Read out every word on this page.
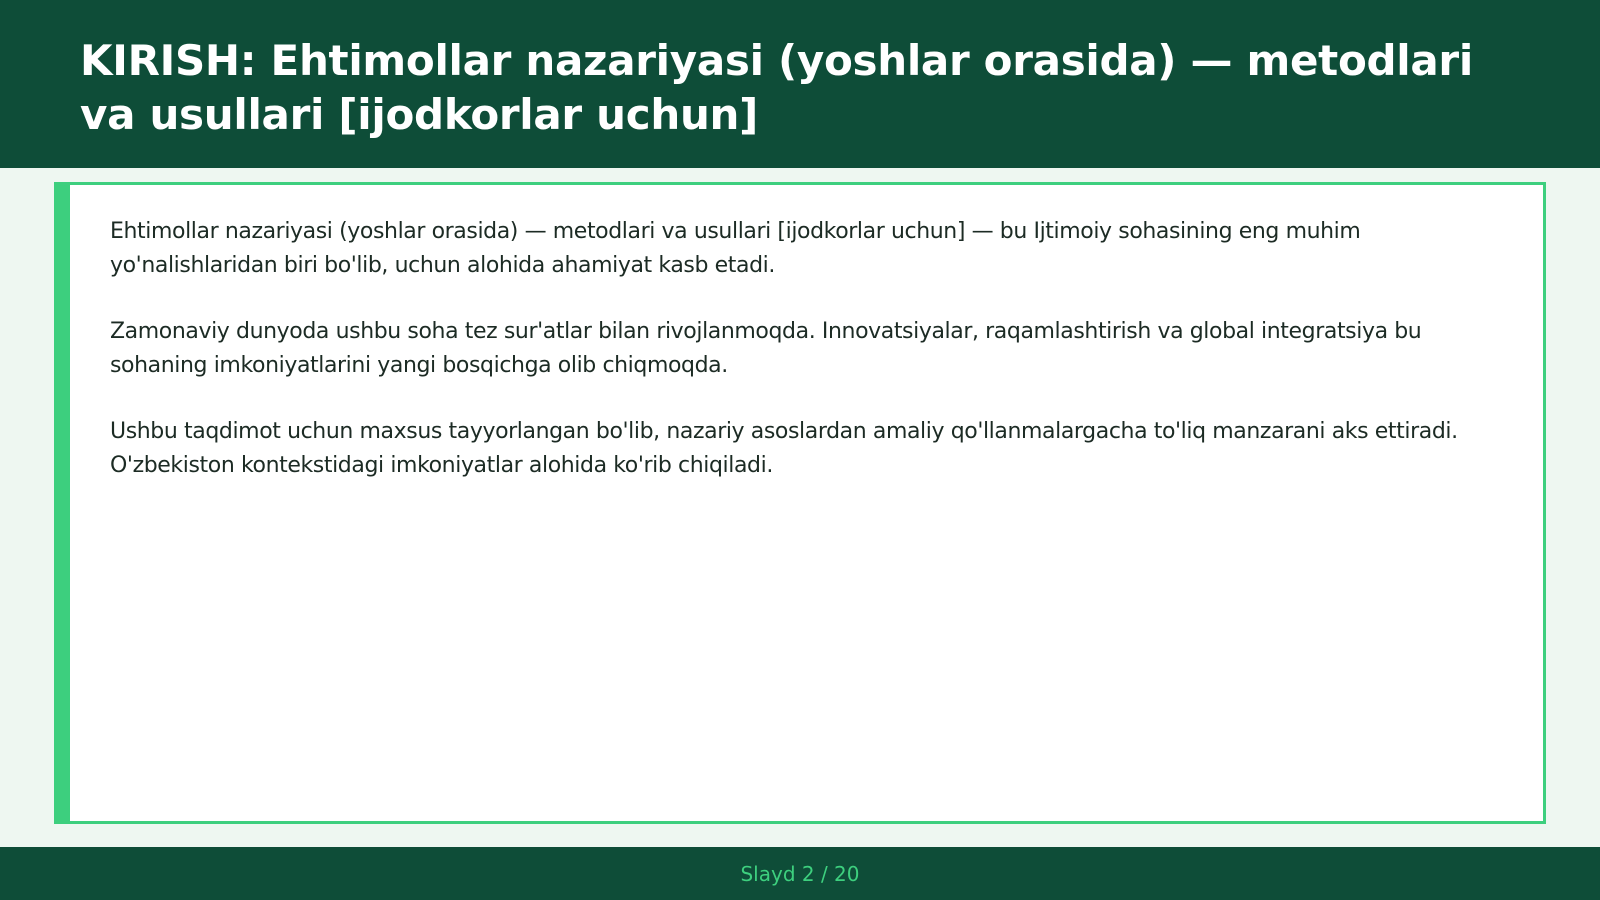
KIRISH: Ehtimollar nazariyasi (yoshlar orasida) — metodlari va usullari [ijodkorlar uchun]

Ehtimollar nazariyasi (yoshlar orasida) — metodlari va usullari [ijodkorlar uchun] — bu Ijtimoiy sohasining eng muhim yo'nalishlaridan biri bo'lib, uchun alohida ahamiyat kasb etadi.

Zamonaviy dunyoda ushbu soha tez sur'atlar bilan rivojlanmoqda. Innovatsiyalar, raqamlashtirish va global integratsiya bu sohaning imkoniyatlarini yangi bosqichga olib chiqmoqda.

Ushbu taqdimot uchun maxsus tayyorlangan bo'lib, nazariy asoslardan amaliy qo'llanmalargacha to'liq manzarani aks ettiradi. O'zbekiston kontekstidagi imkoniyatlar alohida ko'rib chiqiladi.

Slayd 2 / 20
